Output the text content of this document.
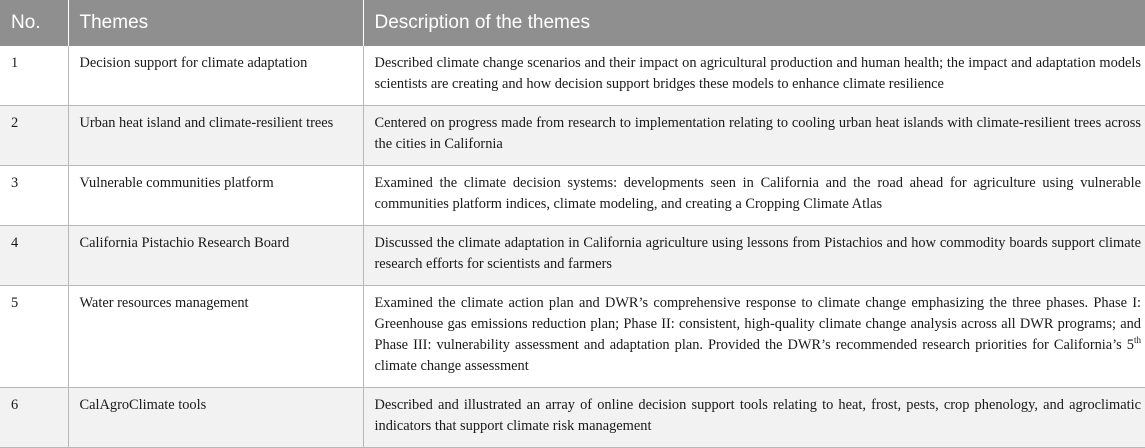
No.	Themes	Description of the themes
1	Decision support for climate adaptation	Described climate change scenarios and their impact on agricultural production and human health; the impact and adaptation models scientists are creating and how decision support bridges these models to enhance climate resilience
2	Urban heat island and climate-resilient trees	Centered on progress made from research to implementation relating to cooling urban heat islands with climate-resilient trees across the cities in California
3	Vulnerable communities platform	Examined the climate decision systems: developments seen in California and the road ahead for agriculture using vulnerable communities platform indices, climate modeling, and creating a Cropping Climate Atlas
4	California Pistachio Research Board	Discussed the climate adaptation in California agriculture using lessons from Pistachios and how commodity boards support climate research efforts for scientists and farmers
5	Water resources management	Examined the climate action plan and DWR’s comprehensive response to climate change emphasizing the three phases. Phase I: Greenhouse gas emissions reduction plan; Phase II: consistent, high-quality climate change analysis across all DWR programs; and Phase III: vulnerability assessment and adaptation plan. Provided the DWR’s recommended research priorities for California’s 5th climate change assessment
6	CalAgroClimate tools	Described and illustrated an array of online decision support tools relating to heat, frost, pests, crop phenology, and agroclimatic indicators that support climate risk management
